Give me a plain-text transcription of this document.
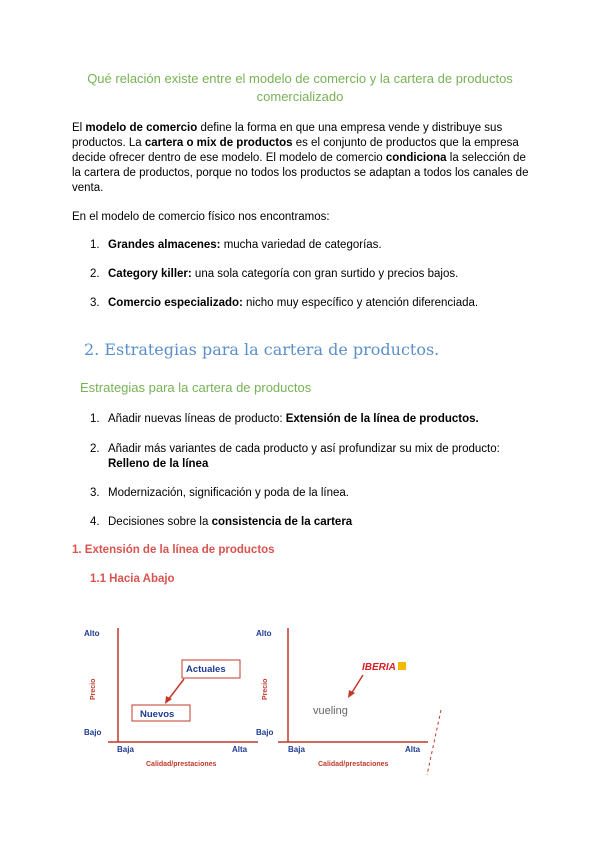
Qué relación existe entre el modelo de comercio y la cartera de productos
comercializado
El modelo de comercio define la forma en que una empresa vende y distribuye sus productos. La cartera o mix de productos es el conjunto de productos que la empresa decide ofrecer dentro de ese modelo. El modelo de comercio condiciona la selección de la cartera de productos, porque no todos los productos se adaptan a todos los canales de venta.
En el modelo de comercio físico nos encontramos:
1. Grandes almacenes: mucha variedad de categorías.
2. Category killer: una sola categoría con gran surtido y precios bajos.
3. Comercio especializado: nicho muy específico y atención diferenciada.
2. Estrategias para la cartera de productos.
Estrategias para la cartera de productos
1. Añadir nuevas líneas de producto: Extensión de la línea de productos.
2. Añadir más variantes de cada producto y así profundizar su mix de producto:
Relleno de la línea
3. Modernización, significación y poda de la línea.
4. Decisiones sobre la consistencia de la cartera
1. Extensión de la línea de productos
1.1 Hacia Abajo
Alto
Bajo
Baja	Alta
Precio
Calidad/prestaciones
Actuales
Nuevos
Alto
Bajo
Baja	Alta
Precio
Calidad/prestaciones
IBERIA
vueling
